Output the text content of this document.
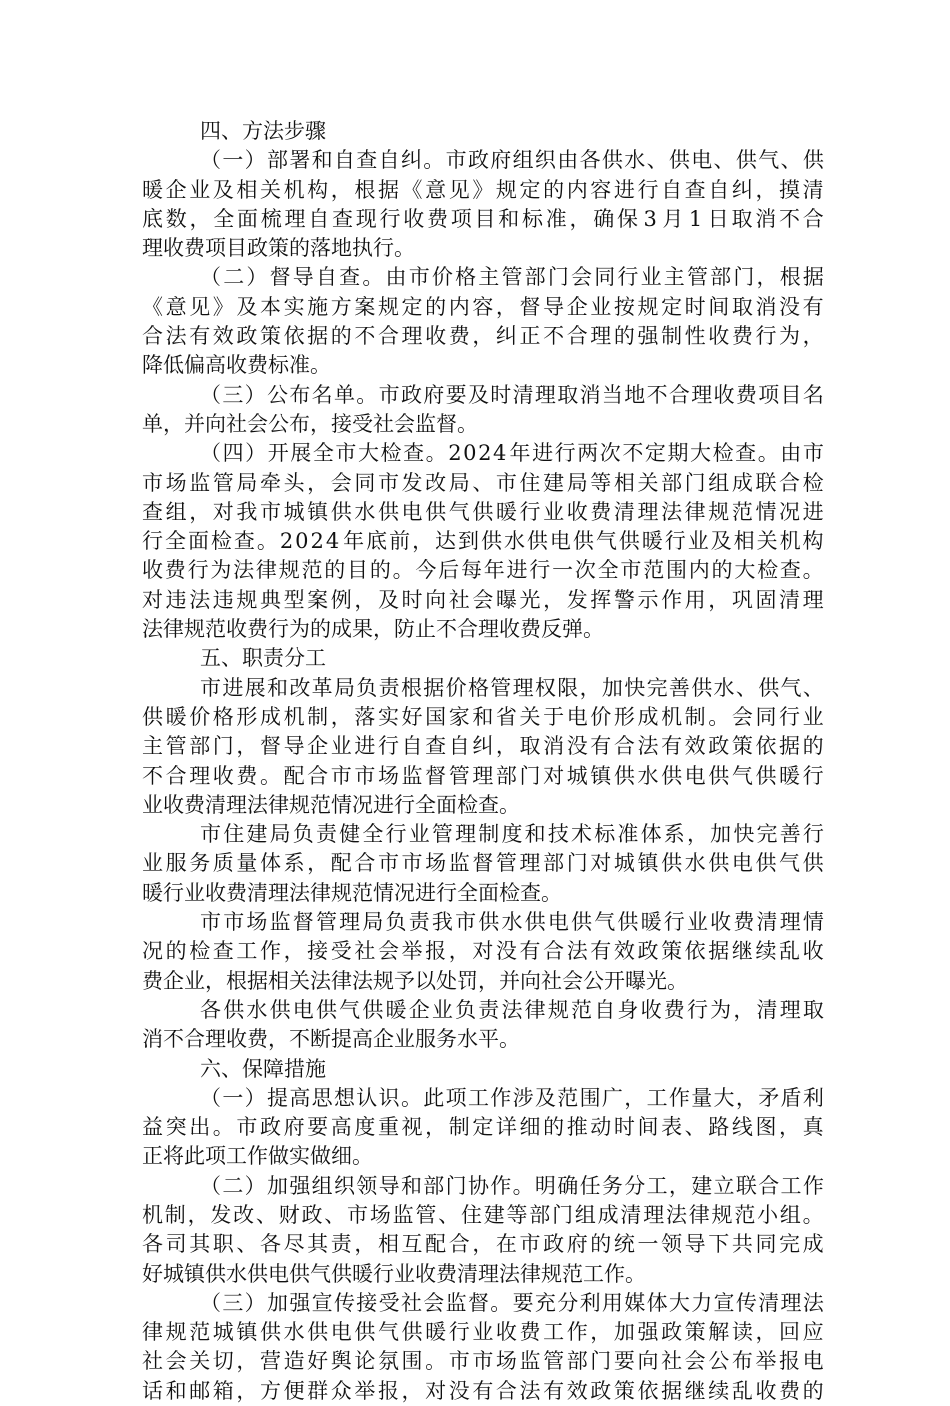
四、方法步骤
（ 一 ） 部 署 和 自 查 自 纠 。 市 政 府 组 织 由 各 供 水 、 供 电 、 供 气 、 供
暖 企 业 及 相 关 机 构 ， 根 据 《 意 见 》 规 定 的 内 容 进 行 自 查 自 纠 ， 摸 清
底 数 ， 全 面 梳 理 自 查 现 行 收 费 项 目 和 标 准 ， 确 保 3 月 1 日 取 消 不 合
理收费项目政策的落地执行。
（ 二 ） 督 导 自 查 。 由 市 价 格 主 管 部 门 会 同 行 业 主 管 部 门 ， 根 据
《 意 见 》 及 本 实 施 方 案 规 定 的 内 容 ， 督 导 企 业 按 规 定 时 间 取 消 没 有
合 法 有 效 政 策 依 据 的 不 合 理 收 费 ， 纠 正 不 合 理 的 强 制 性 收 费 行 为 ，
降低偏高收费标准。
（ 三 ） 公 布 名 单 。 市 政 府 要 及 时 清 理 取 消 当 地 不 合 理 收 费 项 目 名
单，并向社会公布，接受社会监督。
（ 四 ） 开 展 全 市 大 检 查 。 2 0 2 4 年 进 行 两 次 不 定 期 大 检 查 。 由 市
市 场 监 管 局 牵 头 ， 会 同 市 发 改 局 、 市 住 建 局 等 相 关 部 门 组 成 联 合 检
查 组 ， 对 我 市 城 镇 供 水 供 电 供 气 供 暖 行 业 收 费 清 理 法 律 规 范 情 况 进
行 全 面 检 查 。 2 0 2 4 年 底 前 ， 达 到 供 水 供 电 供 气 供 暖 行 业 及 相 关 机 构
收 费 行 为 法 律 规 范 的 目 的 。 今 后 每 年 进 行 一 次 全 市 范 围 内 的 大 检 查 。
对 违 法 违 规 典 型 案 例 ， 及 时 向 社 会 曝 光 ， 发 挥 警 示 作 用 ， 巩 固 清 理
法律规范收费行为的成果，防止不合理收费反弹。
五、职责分工
市 进 展 和 改 革 局 负 责 根 据 价 格 管 理 权 限 ， 加 快 完 善 供 水 、 供 气 、
供 暖 价 格 形 成 机 制 ， 落 实 好 国 家 和 省 关 于 电 价 形 成 机 制 。 会 同 行 业
主 管 部 门 ， 督 导 企 业 进 行 自 查 自 纠 ， 取 消 没 有 合 法 有 效 政 策 依 据 的
不 合 理 收 费 。 配 合 市 市 场 监 督 管 理 部 门 对 城 镇 供 水 供 电 供 气 供 暖 行
业收费清理法律规范情况进行全面检查。
市 住 建 局 负 责 健 全 行 业 管 理 制 度 和 技 术 标 准 体 系 ， 加 快 完 善 行
业 服 务 质 量 体 系 ， 配 合 市 市 场 监 督 管 理 部 门 对 城 镇 供 水 供 电 供 气 供
暖行业收费清理法律规范情况进行全面检查。
市 市 场 监 督 管 理 局 负 责 我 市 供 水 供 电 供 气 供 暖 行 业 收 费 清 理 情
况 的 检 查 工 作 ， 接 受 社 会 举 报 ， 对 没 有 合 法 有 效 政 策 依 据 继 续 乱 收
费企业，根据相关法律法规予以处罚，并向社会公开曝光。
各 供 水 供 电 供 气 供 暖 企 业 负 责 法 律 规 范 自 身 收 费 行 为 ， 清 理 取
消不合理收费，不断提高企业服务水平。
六、保障措施
（ 一 ） 提 高 思 想 认 识 。 此 项 工 作 涉 及 范 围 广 ， 工 作 量 大 ， 矛 盾 利
益 突 出 。 市 政 府 要 高 度 重 视 ， 制 定 详 细 的 推 动 时 间 表 、 路 线 图 ， 真
正将此项工作做实做细。
（ 二 ） 加 强 组 织 领 导 和 部 门 协 作 。 明 确 任 务 分 工 ， 建 立 联 合 工 作
机 制 ， 发 改 、 财 政 、 市 场 监 管 、 住 建 等 部 门 组 成 清 理 法 律 规 范 小 组 。
各 司 其 职 、 各 尽 其 责 ， 相 互 配 合 ， 在 市 政 府 的 统 一 领 导 下 共 同 完 成
好城镇供水供电供气供暖行业收费清理法律规范工作。
（ 三 ） 加 强 宣 传 接 受 社 会 监 督 。 要 充 分 利 用 媒 体 大 力 宣 传 清 理 法
律 规 范 城 镇 供 水 供 电 供 气 供 暖 行 业 收 费 工 作 ， 加 强 政 策 解 读 ， 回 应
社 会 关 切 ， 营 造 好 舆 论 氛 围 。 市 市 场 监 管 部 门 要 向 社 会 公 布 举 报 电
话 和 邮 箱 ， 方 便 群 众 举 报 ， 对 没 有 合 法 有 效 政 策 依 据 继 续 乱 收 费 的
